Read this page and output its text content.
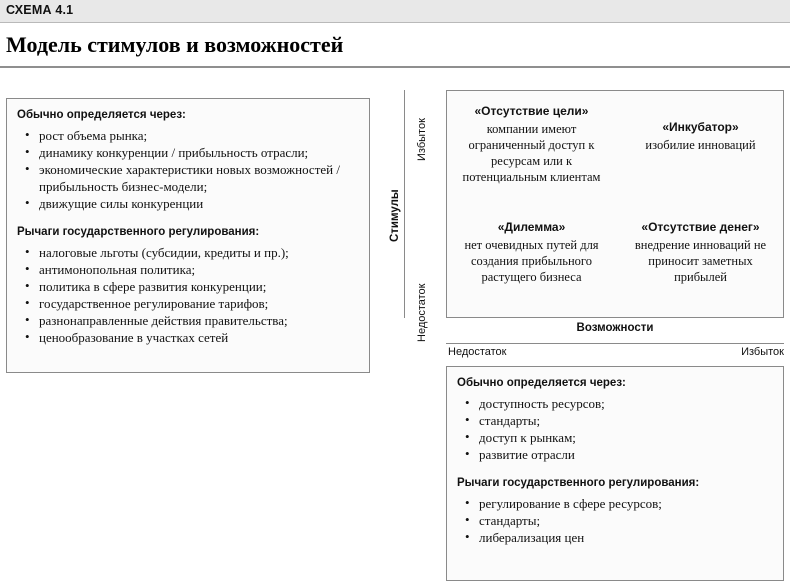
СХЕМА 4.1
Модель стимулов и возможностей
Обычно определяется через:
• рост объема рынка;
• динамику конкуренции / прибыльность отрасли;
• экономические характеристики новых возможностей / прибыльность бизнес-модели;
• движущие силы конкуренции
Рычаги государственного регулирования:
• налоговые льготы (субсидии, кредиты и пр.);
• антимонопольная политика;
• политика в сфере развития конкуренции;
• государственное регулирование тарифов;
• разнонаправленные действия правительства;
• ценообразование в участках сетей
Стимулы
Избыток
Недостаток
«Отсутствие цели»
компании имеют ограниченный доступ к ресурсам или к потенциальным клиентам
«Инкубатор»
изобилие инноваций
«Дилемма»
нет очевидных путей для создания прибыльного растущего бизнеса
«Отсутствие денег»
внедрение инноваций не приносит заметных прибылей
Возможности
Недостаток	Избыток
Обычно определяется через:
• доступность ресурсов;
• стандарты;
• доступ к рынкам;
• развитие отрасли
Рычаги государственного регулирования:
• регулирование в сфере ресурсов;
• стандарты;
• либерализация цен
